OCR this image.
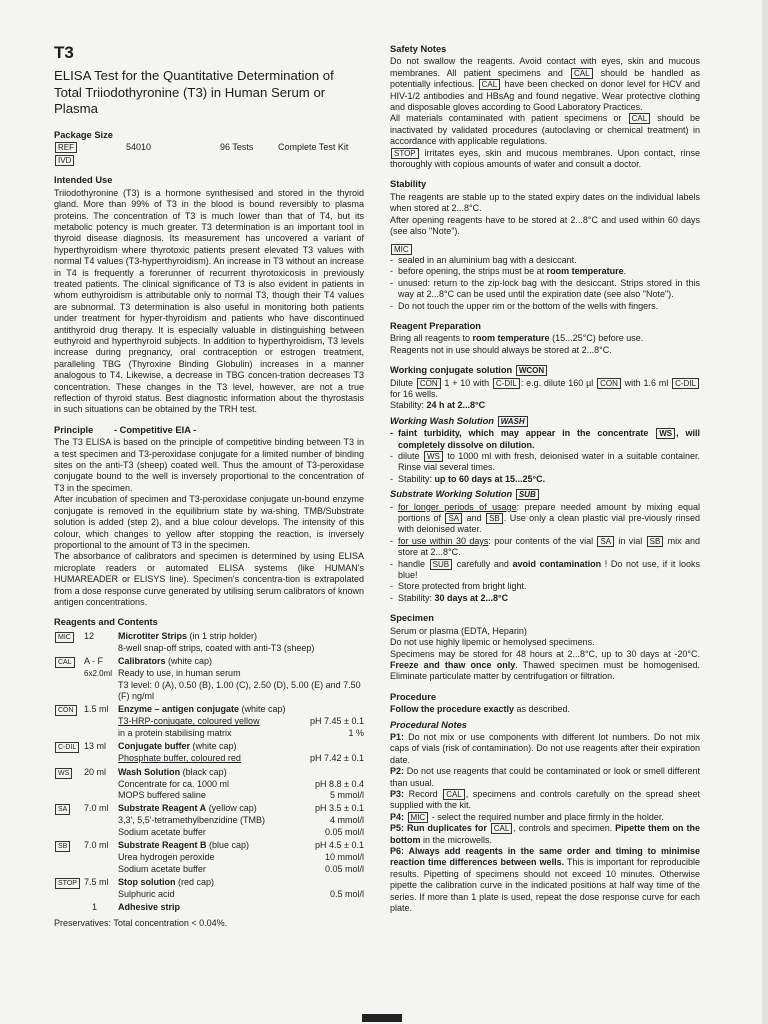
T3
ELISA Test for the Quantitative Determination of Total Triiodothyronine (T3) in Human Serum or Plasma
Package Size
REF	54010	96 Tests	Complete Test Kit
IVD
Intended Use

Triiodothyronine (T3) is a hormone synthesised and stored in the thyroid gland. More than 99% of T3 in the blood is bound reversibly to plasma proteins. The concentration of T3 is much lower than that of T4, but its metabolic potency is much greater. T3 determination is an important tool in thyroid disease diagnosis. Its measurement has uncovered a variant of hyperthyroidism where thyrotoxic patients present elevated T3 values with normal T4 values (T3-hyperthyroidism). An increase in T3 without an increase in T4 is frequently a forerunner of recurrent thyrotoxicosis in previously treated patients. The clinical significance of T3 is also evident in patients in whom euthyroidism is attributable only to normal T3, though their T4 values are subnormal. T3 determination is also useful in monitoring both patients under treatment for hyper-thyroidism and patients who have discontinued antithyroid drug therapy. It is especially valuable in distinguishing between euthyroid and hyperthyroid subjects. In addition to hyperthyroidism, T3 levels increase during pregnancy, oral contraception or estrogen treatment, paralleling TBG (Thyroxine Binding Globulin) increases in a manner analogous to T4. Likewise, a decrease in TBG concen-tration decreases T3 concentration. These changes in the T3 level, however, are not a true reflection of thyroid status. Best diagnostic information about the thyrostasis in such situations can be obtained by the TRH test.

Principle - Competitive EIA -

The T3 ELISA is based on the principle of competitive binding between T3 in a test specimen and T3-peroxidase conjugate for a limited number of binding sites on the anti-T3 (sheep) coated well. Thus the amount of T3-peroxidase conjugate bound to the well is inversely proportional to the concentration of T3 in the specimen.

After incubation of specimen and T3-peroxidase conjugate un-bound enzyme conjugate is removed in the equilibrium state by wa-shing. TMB/Substrate solution is added (step 2), and a blue colour develops. The intensity of this colour, which changes to yellow after stopping the reaction, is inversely proportional to the amount of T3 in the specimen.

The absorbance of calibrators and specimen is determined by using ELISA microplate readers or automated ELISA systems (like HUMAN's HUMAREADER or ELISYS line). Specimen's concentra-tion is extrapolated from a dose response curve generated by utilising serum calibrators of known antigen concentrations.

Reagents and Contents
MIC	12	Microtiter Strips (in 1 strip holder)
8-well snap-off strips, coated with anti-T3 (sheep)
CAL	A - F	Calibrators (white cap)
6x2.0ml Ready to use, in human serum
T3 level: 0 (A), 0.50 (B), 1.00 (C), 2.50 (D), 5.00 (E) and 7.50 (F) ng/ml
CON	1.5 ml	Enzyme – antigen conjugate (white cap)
T3-HRP-conjugate, coloured yellow	pH 7.45 ± 0.1
in a protein stabilising matrix	1 %
C-DIL 13 ml	Conjugate buffer (white cap)
Phosphate buffer, coloured red	pH 7.42 ± 0.1
WS	20 ml	Wash Solution (black cap)
Concentrate for ca. 1000 ml	pH 8.8 ± 0.4
MOPS buffered saline	5 mmol/l
SA	7.0 ml	Substrate Reagent A (yellow cap)	pH 3.5 ± 0.1
3,3', 5,5'-tetramethylbenzidine (TMB)	4 mmol/l
Sodium acetate buffer	0.05 mol/l
SB	7.0 ml	Substrate Reagent B (blue cap)	pH 4.5 ± 0.1
Urea hydrogen peroxide	10 mmol/l
Sodium acetate buffer	0.05 mol/l
STOP 7.5 ml	Stop solution (red cap)
Sulphuric acid	0.5 mol/l
1	Adhesive strip

Preservatives: Total concentration < 0.04%.

Safety Notes

Do not swallow the reagents. Avoid contact with eyes, skin and mucous membranes. All patient specimens and CAL should be handled as potentially infectious. CAL have been checked on donor level for HCV and HIV-1/2 antibodies and HBsAg and found negative. Wear protective clothing and disposable gloves according to Good Laboratory Practices.

All materials contaminated with patient specimens or CAL should be inactivated by validated procedures (autoclaving or chemical treatment) in accordance with applicable regulations.

STOP irritates eyes, skin and mucous membranes. Upon contact, rinse thoroughly with copious amounts of water and consult a doctor.

Stability

The reagents are stable up to the stated expiry dates on the individual labels when stored at 2...8°C.

After opening reagents have to be stored at 2...8°C and used within 60 days (see also "Note").

MIC
- sealed in an aluminium bag with a desiccant.
- before opening, the strips must be at room temperature.
- unused: return to the zip-lock bag with the desiccant. Strips stored in this way at 2...8°C can be used until the expiration date (see also "Note").
- Do not touch the upper rim or the bottom of the wells with fingers.
Reagent Preparation

Bring all reagents to room temperature (15...25°C) before use.

Reagents not in use should always be stored at 2...8°C.

Working conjugate solution WCON

Dilute CON 1 + 10 with C-DIL : e.g. dilute 160 µl CON with 1.6 ml C-DILfor 16 wells.

Stability: 24 h at 2...8°C

Working Wash Solution WASH
- faint turbidity, which may appear in the concentrate WS , will completely dissolve on dilution.
- dilute WS to 1000 ml with fresh, deionised water in a suitable container. Rinse vial several times.
- Stability: up to 60 days at 15...25°C.
Substrate Working Solution SUB
- for longer periods of usage: prepare needed amount by mixing equal portions of SA and SB . Use only a clean plastic vial pre-viously rinsed with deionised water.
- for use within 30 days: pour contents of the vial SA in vial SB mix and store at 2...8°C.
- handle SUB carefully and avoid contamination ! Do not use, if it looks blue!
- Store protected from bright light.
- Stability: 30 days at 2...8°C
Specimen

Serum or plasma (EDTA, Heparin)

Do not use highly lipemic or hemolysed specimens.

Specimens may be stored for 48 hours at 2...8°C, up to 30 days at -20°C. Freeze and thaw once only. Thawed specimen must be homogenised. Eliminate particulate matter by centrifugation or filtration.

Procedure

Follow the procedure exactly as described.

Procedural Notes

P1: Do not mix or use components with different lot numbers. Do not mix caps of vials (risk of contamination). Do not use reagents after their expiration date.

P2: Do not use reagents that could be contaminated or look or smell different than usual.

P3: Record CAL , specimens and controls carefully on the spread sheet supplied with the kit.

P4: MIC - select the required number and place firmly in the holder.

P5: Run duplicates for CAL , controls and specimen. Pipette them on the bottom in the microwells.

P6: Always add reagents in the same order and timing to minimise reaction time differences between wells. This is important for reproducible results. Pipetting of specimens should not exceed 10 minutes. Otherwise pipette the calibration curve in the indicated positions at half way time of the series. If more than 1 plate is used, repeat the dose response curve for each plate.
